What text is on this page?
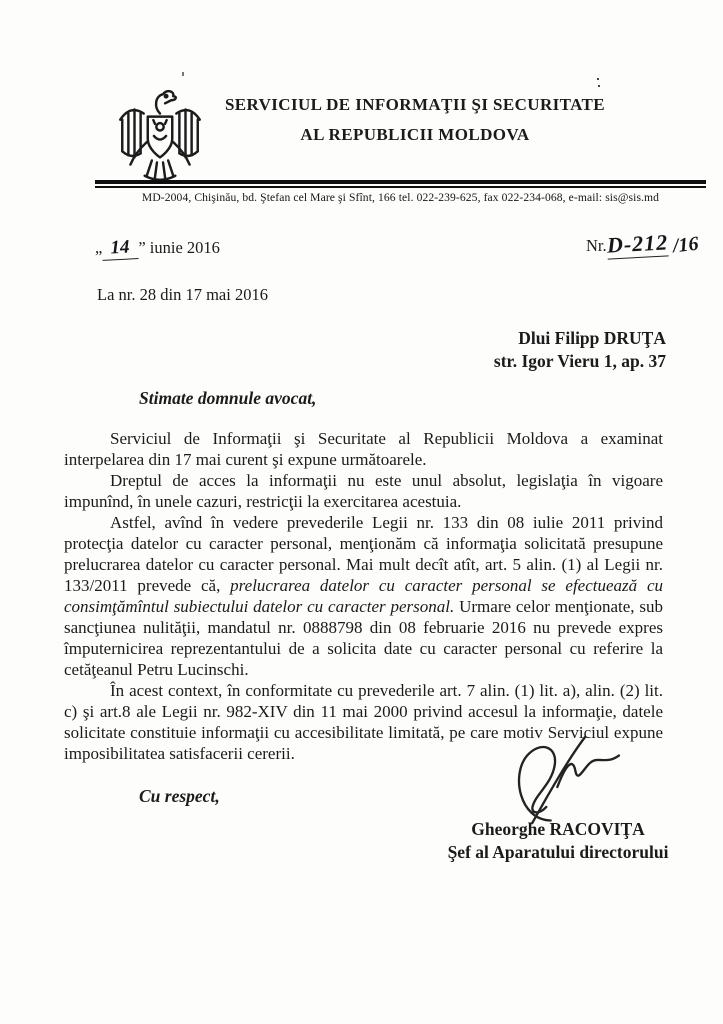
SERVICIUL DE INFORMAŢII ŞI SECURITATE
AL REPUBLICII MOLDOVA
MD-2004, Chişinău, bd. Ştefan cel Mare şi Sfînt, 166 tel. 022-239-625, fax 022-234-068, e-mail: sis@sis.md
„ 14 ” iunie 2016	Nr.D-212 /16
La nr. 28 din 17 mai 2016
Dlui Filipp DRUŢA
str. Igor Vieru 1, ap. 37
Stimate domnule avocat,

Serviciul de Informaţii şi Securitate al Republicii Moldova a examinat interpelarea din 17 mai curent şi expune următoarele.

Dreptul de acces la informaţii nu este unul absolut, legislaţia în vigoare impunînd, în unele cazuri, restricţii la exercitarea acestuia.

Astfel, avînd în vedere prevederile Legii nr. 133 din 08 iulie 2011 privind protecţia datelor cu caracter personal, menţionăm că informaţia solicitată presupune prelucrarea datelor cu caracter personal. Mai mult decît atît, art. 5 alin. (1) al Legii nr. 133/2011 prevede că, prelucrarea datelor cu caracter personal se efectuează cu consimţămîntul subiectului datelor cu caracter personal. Urmare celor menţionate, sub sancţiunea nulităţii, mandatul nr. 0888798 din 08 februarie 2016 nu prevede expres împuternicirea reprezentantului de a solicita date cu caracter personal cu referire la cetăţeanul Petru Lucinschi.

În acest context, în conformitate cu prevederile art. 7 alin. (1) lit. a), alin. (2) lit. c) şi art.8 ale Legii nr. 982-XIV din 11 mai 2000 privind accesul la informaţie, datele solicitate constituie informaţii cu accesibilitate limitată, pe care motiv Serviciul expune imposibilitatea satisfacerii cererii.

Cu respect,
Gheorghe RACOVIŢA
Şef al Aparatului directorului
